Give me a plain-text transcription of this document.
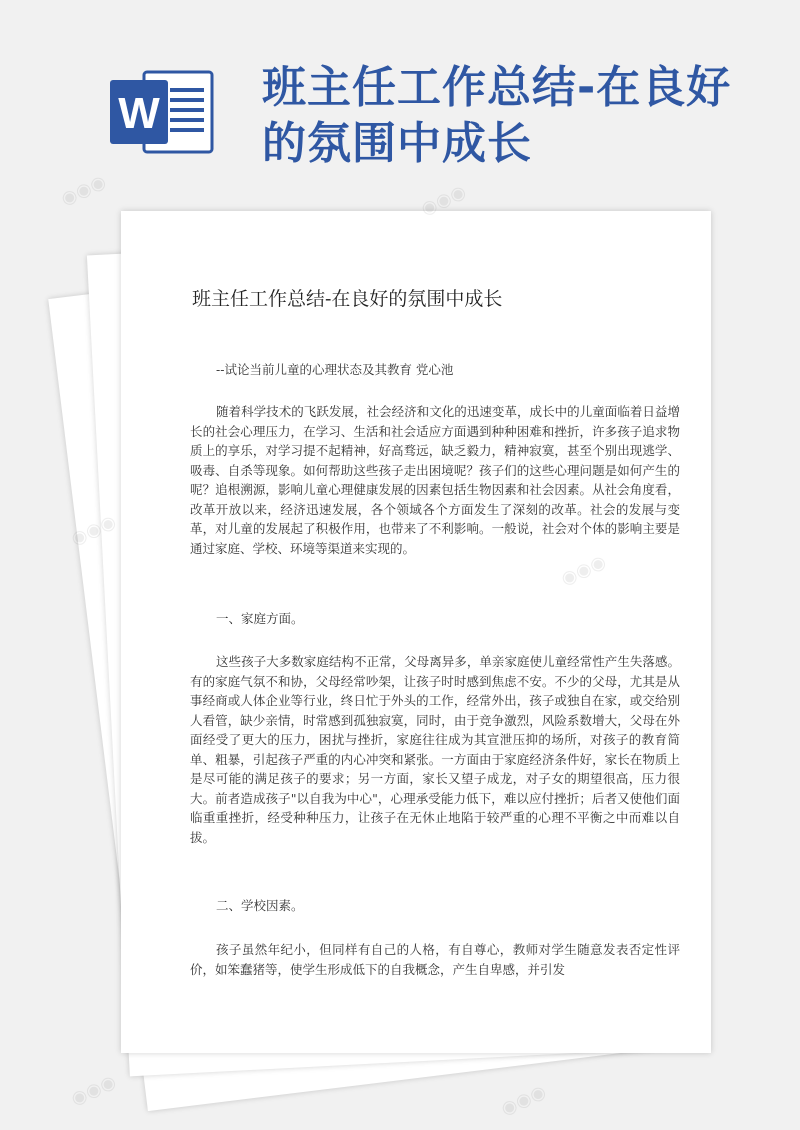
W
班主任工作总结-在良好的氛围中成长
班主任工作总结-在良好的氛围中成长
--试论当前儿童的心理状态及其教育 党心池

随着科学技术的飞跃发展，社会经济和文化的迅速变革，成长中的儿童面临着日益增长的社会心理压力，在学习、生活和社会适应方面遇到种种困难和挫折，许多孩子追求物质上的享乐，对学习提不起精神，好高骛远，缺乏毅力，精神寂寞，甚至个别出现逃学、吸毒、自杀等现象。如何帮助这些孩子走出困境呢？孩子们的这些心理问题是如何产生的呢？追根溯源，影响儿童心理健康发展的因素包括生物因素和社会因素。从社会角度看，改革开放以来，经济迅速发展，各个领域各个方面发生了深刻的改革。社会的发展与变革，对儿童的发展起了积极作用，也带来了不利影响。一般说，社会对个体的影响主要是通过家庭、学校、环境等渠道来实现的。

一、家庭方面。

这些孩子大多数家庭结构不正常，父母离异多，单亲家庭使儿童经常性产生失落感。有的家庭气氛不和协，父母经常吵架，让孩子时时感到焦虑不安。不少的父母，尤其是从事经商或人体企业等行业，终日忙于外头的工作，经常外出，孩子或独自在家，或交给别人看管，缺少亲情，时常感到孤独寂寞，同时，由于竞争激烈，风险系数增大，父母在外面经受了更大的压力，困扰与挫折，家庭往往成为其宣泄压抑的场所，对孩子的教育简单、粗暴，引起孩子严重的内心冲突和紧张。一方面由于家庭经济条件好，家长在物质上是尽可能的满足孩子的要求；另一方面，家长又望子成龙，对子女的期望很高，压力很大。前者造成孩子"以自我为中心"，心理承受能力低下，难以应付挫折；后者又使他们面临重重挫折，经受种种压力，让孩子在无休止地陷于较严重的心理不平衡之中而难以自拔。

二、学校因素。

孩子虽然年纪小，但同样有自己的人格，有自尊心，教师对学生随意发表否定性评价，如笨蠢猪等，使学生形成低下的自我概念，产生自卑感，并引发

◉◉◉	◉◉◉
◉◉◉	◉◉◉
